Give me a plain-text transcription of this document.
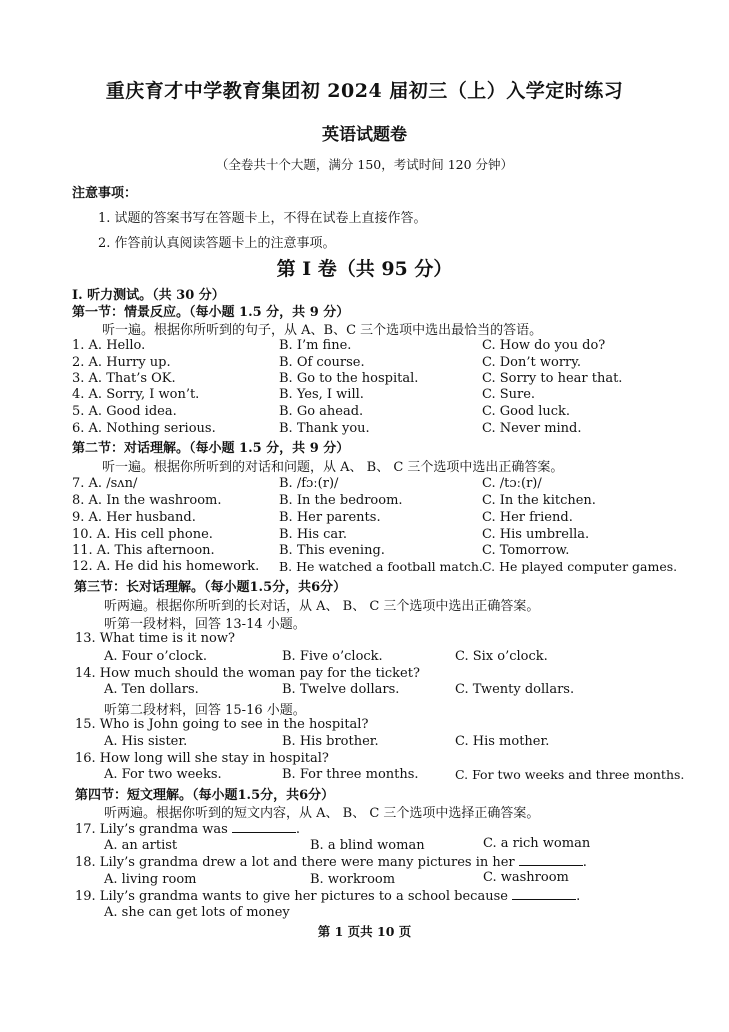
重庆育才中学教育集团初 2024 届初三（上）入学定时练习
英语试题卷
（全卷共十个大题，满分 150，考试时间 120 分钟）
注意事项：
1. 试题的答案书写在答题卡上，不得在试卷上直接作答。
2. 作答前认真阅读答题卡上的注意事项。
第 I 卷（共 95 分）
I. 听力测试。（共 30 分）
第一节：情景反应。（每小题 1.5 分，共 9 分）
听一遍。根据你所听到的句子，从 A、B、C 三个选项中选出最恰当的答语。
1. A. Hello.	B. I’m fine.	C. How do you do?
2. A. Hurry up.	B. Of course.	C. Don’t worry.
3. A. That’s OK.	B. Go to the hospital.	C. Sorry to hear that.
4. A. Sorry, I won’t.	B. Yes, I will.	C. Sure.
5. A. Good idea.	B. Go ahead.	C. Good luck.
6. A. Nothing serious.	B. Thank you.	C. Never mind.
第二节：对话理解。（每小题 1.5 分，共 9 分）
听一遍。根据你所听到的对话和问题，从 A、 B、 C 三个选项中选出正确答案。
7. A. /sʌn/	B. /fɔː(r)/	C. /tɔː(r)/
8. A. In the washroom.	B. In the bedroom.	C. In the kitchen.
9. A. Her husband.	B. Her parents.	C. Her friend.
10. A. His cell phone.	B. His car.	C. His umbrella.
11. A. This afternoon.	B. This evening.	C. Tomorrow.
12. A. He did his homework. B. He watched a football match. C. He played computer games.
第三节：长对话理解。（每小题1.5分，共6分）
听两遍。根据你所听到的长对话，从 A、 B、 C 三个选项中选出正确答案。
听第一段材料，回答 13-14 小题。
13. What time is it now?
A. Four o’clock.	B. Five o’clock.	C. Six o’clock.
14. How much should the woman pay for the ticket?
A. Ten dollars.	B. Twelve dollars.	C. Twenty dollars.
听第二段材料，回答 15-16 小题。
15. Who is John going to see in the hospital?
A. His sister.	B. His brother.	C. His mother.
16. How long will she stay in hospital?
A. For two weeks.	B. For three months.	C. For two weeks and three months.
第四节：短文理解。（每小题1.5分，共6分）
听两遍。根据你听到的短文内容，从 A、 B、 C 三个选项中选择正确答案。
17. Lily’s grandma was	.
A. an artist	B. a blind woman	C. a rich woman
18. Lily’s grandma drew a lot and there were many pictures in her	.
A. living room	B. workroom	C. washroom
19. Lily’s grandma wants to give her pictures to a school because	.
A. she can get lots of money
第 1 页共 10 页
